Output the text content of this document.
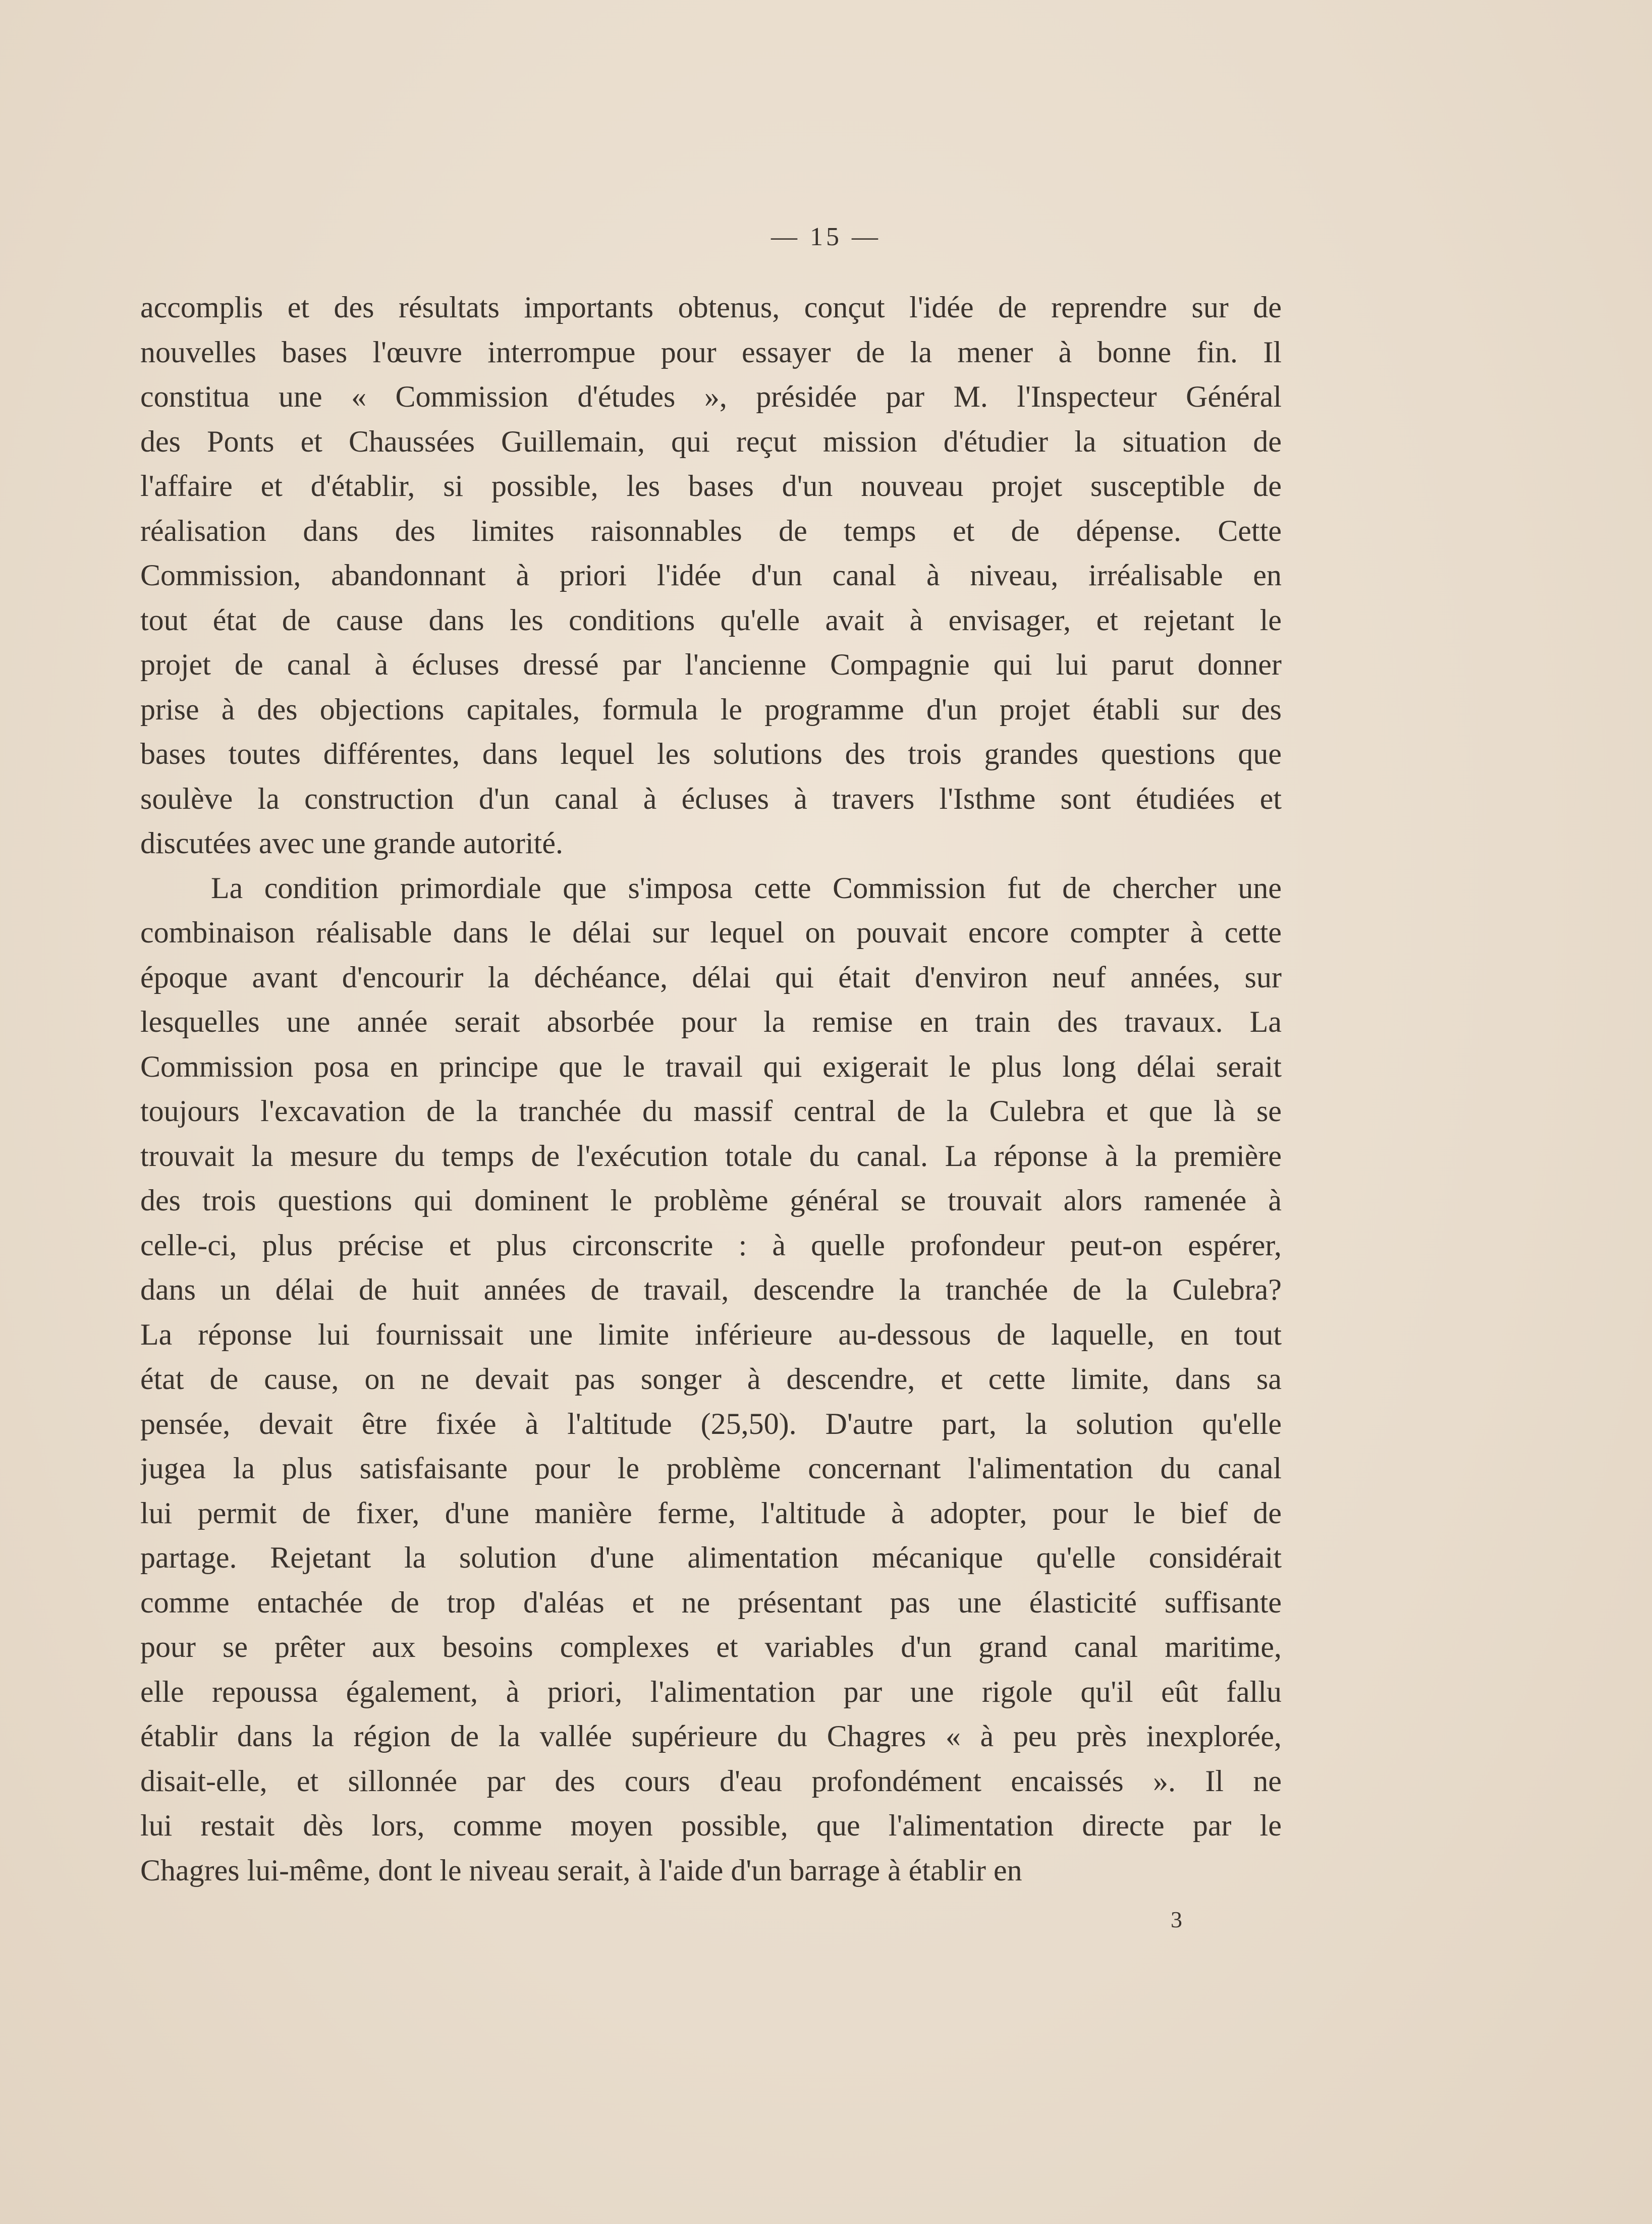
— 15 —

accomplis et des résultats importants obtenus, conçut l'idée de reprendre sur de
nouvelles bases l'œuvre interrompue pour essayer de la mener à bonne fin. Il
constitua une « Commission d'études », présidée par M. l'Inspecteur Général
des Ponts et Chaussées Guillemain, qui reçut mission d'étudier la situation de
l'affaire et d'établir, si possible, les bases d'un nouveau projet susceptible de
réalisation dans des limites raisonnables de temps et de dépense. Cette
Commission, abandonnant à priori l'idée d'un canal à niveau, irréalisable en
tout état de cause dans les conditions qu'elle avait à envisager, et rejetant le
projet de canal à écluses dressé par l'ancienne Compagnie qui lui parut donner
prise à des objections capitales, formula le programme d'un projet établi sur des
bases toutes différentes, dans lequel les solutions des trois grandes questions que
soulève la construction d'un canal à écluses à travers l'Isthme sont étudiées et
discutées avec une grande autorité.

La condition primordiale que s'imposa cette Commission fut de chercher une
combinaison réalisable dans le délai sur lequel on pouvait encore compter à cette
époque avant d'encourir la déchéance, délai qui était d'environ neuf années, sur
lesquelles une année serait absorbée pour la remise en train des travaux. La
Commission posa en principe que le travail qui exigerait le plus long délai serait
toujours l'excavation de la tranchée du massif central de la Culebra et que là se
trouvait la mesure du temps de l'exécution totale du canal. La réponse à la première
des trois questions qui dominent le problème général se trouvait alors ramenée à
celle-ci, plus précise et plus circonscrite : à quelle profondeur peut-on espérer,
dans un délai de huit années de travail, descendre la tranchée de la Culebra?
La réponse lui fournissait une limite inférieure au-dessous de laquelle, en tout
état de cause, on ne devait pas songer à descendre, et cette limite, dans sa
pensée, devait être fixée à l'altitude (25,50). D'autre part, la solution qu'elle
jugea la plus satisfaisante pour le problème concernant l'alimentation du canal
lui permit de fixer, d'une manière ferme, l'altitude à adopter, pour le bief de
partage. Rejetant la solution d'une alimentation mécanique qu'elle considérait
comme entachée de trop d'aléas et ne présentant pas une élasticité suffisante
pour se prêter aux besoins complexes et variables d'un grand canal maritime,
elle repoussa également, à priori, l'alimentation par une rigole qu'il eût fallu
établir dans la région de la vallée supérieure du Chagres « à peu près inexplorée,
disait-elle, et sillonnée par des cours d'eau profondément encaissés ». Il ne
lui restait dès lors, comme moyen possible, que l'alimentation directe par le
Chagres lui-même, dont le niveau serait, à l'aide d'un barrage à établir en

3
